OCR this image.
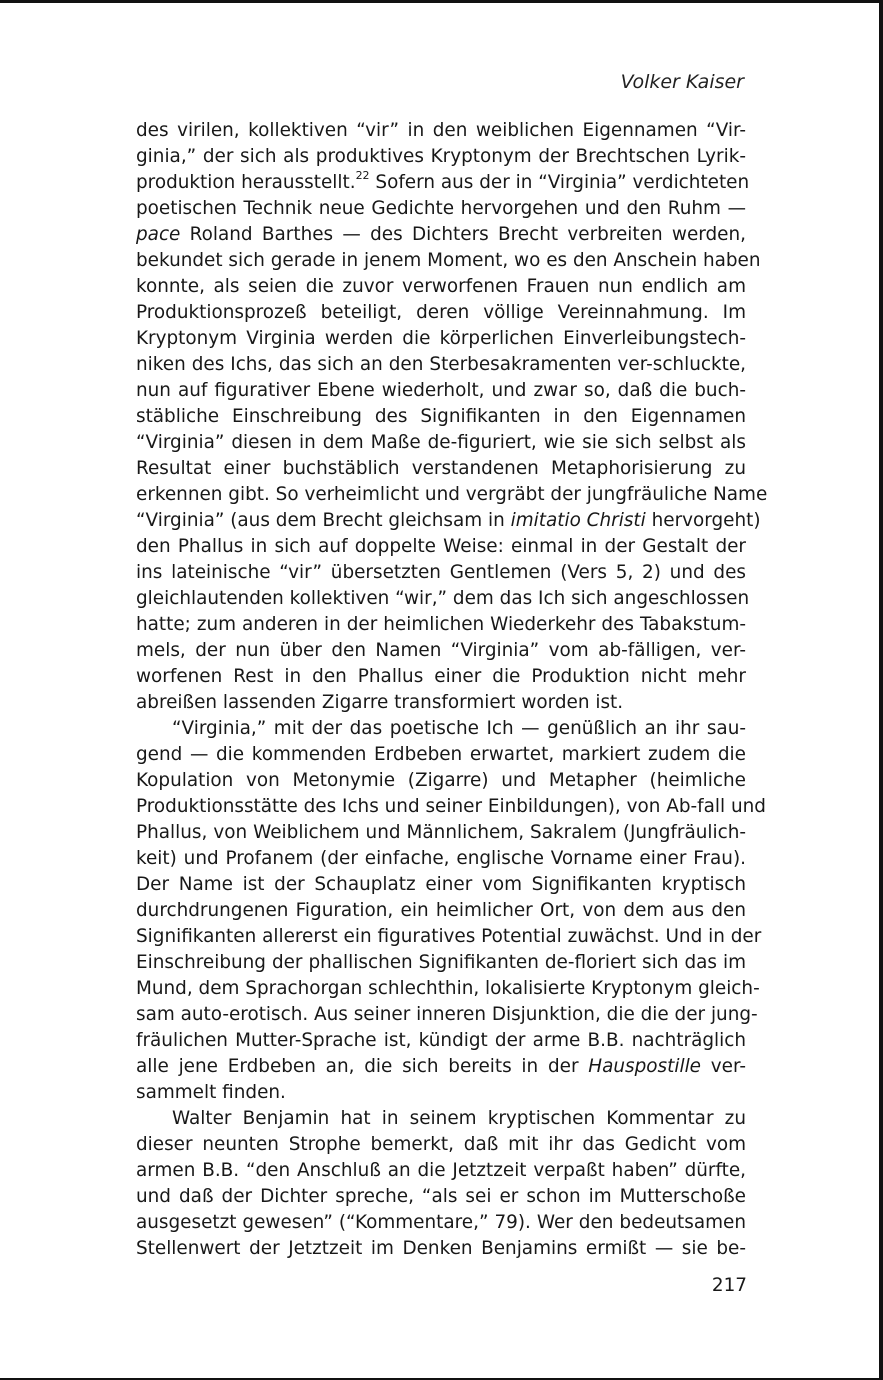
Volker Kaiser
des virilen, kollektiven “vir” in den weiblichen Eigennamen “Vir-
ginia,” der sich als produktives Kryptonym der Brechtschen Lyrik-
produktion herausstellt.$^{22}$ Sofern aus der in “Virginia” verdichteten
poetischen Technik neue Gedichte hervorgehen und den Ruhm —
pace Roland Barthes — des Dichters Brecht verbreiten werden,
bekundet sich gerade in jenem Moment, wo es den Anschein haben
konnte, als seien die zuvor verworfenen Frauen nun endlich am
Produktionsprozeß beteiligt, deren völlige Vereinnahmung. Im
Kryptonym Virginia werden die körperlichen Einverleibungstech-
niken des Ichs, das sich an den Sterbesakramenten ver-schluckte,
nun auf figurativer Ebene wiederholt, und zwar so, daß die buch-
stäbliche Einschreibung des Signifikanten in den Eigennamen
“Virginia” diesen in dem Maße de-figuriert, wie sie sich selbst als
Resultat einer buchstäblich verstandenen Metaphorisierung zu
erkennen gibt. So verheimlicht und vergräbt der jungfräuliche Name
“Virginia” (aus dem Brecht gleichsam in imitatio Christi hervorgeht)
den Phallus in sich auf doppelte Weise: einmal in der Gestalt der
ins lateinische “vir” übersetzten Gentlemen (Vers 5, 2) und des
gleichlautenden kollektiven “wir,” dem das Ich sich angeschlossen
hatte; zum anderen in der heimlichen Wiederkehr des Tabakstum-
mels, der nun über den Namen “Virginia” vom ab-fälligen, ver-
worfenen Rest in den Phallus einer die Produktion nicht mehr
abreißen lassenden Zigarre transformiert worden ist.
“Virginia,” mit der das poetische Ich — genüßlich an ihr sau-
gend — die kommenden Erdbeben erwartet, markiert zudem die
Kopulation von Metonymie (Zigarre) und Metapher (heimliche
Produktionsstätte des Ichs und seiner Einbildungen), von Ab-fall und
Phallus, von Weiblichem und Männlichem, Sakralem (Jungfräulich-
keit) und Profanem (der einfache, englische Vorname einer Frau).
Der Name ist der Schauplatz einer vom Signifikanten kryptisch
durchdrungenen Figuration, ein heimlicher Ort, von dem aus den
Signifikanten allererst ein figuratives Potential zuwächst. Und in der
Einschreibung der phallischen Signifikanten de-floriert sich das im
Mund, dem Sprachorgan schlechthin, lokalisierte Kryptonym gleich-
sam auto-erotisch. Aus seiner inneren Disjunktion, die die der jung-
fräulichen Mutter-Sprache ist, kündigt der arme B.B. nachträglich
alle jene Erdbeben an, die sich bereits in der Hauspostille ver-
sammelt finden.
Walter Benjamin hat in seinem kryptischen Kommentar zu
dieser neunten Strophe bemerkt, daß mit ihr das Gedicht vom
armen B.B. “den Anschluß an die Jetztzeit verpaßt haben” dürfte,
und daß der Dichter spreche, “als sei er schon im Mutterschoße
ausgesetzt gewesen” (“Kommentare,” 79). Wer den bedeutsamen
Stellenwert der Jetztzeit im Denken Benjamins ermißt — sie be-
217
